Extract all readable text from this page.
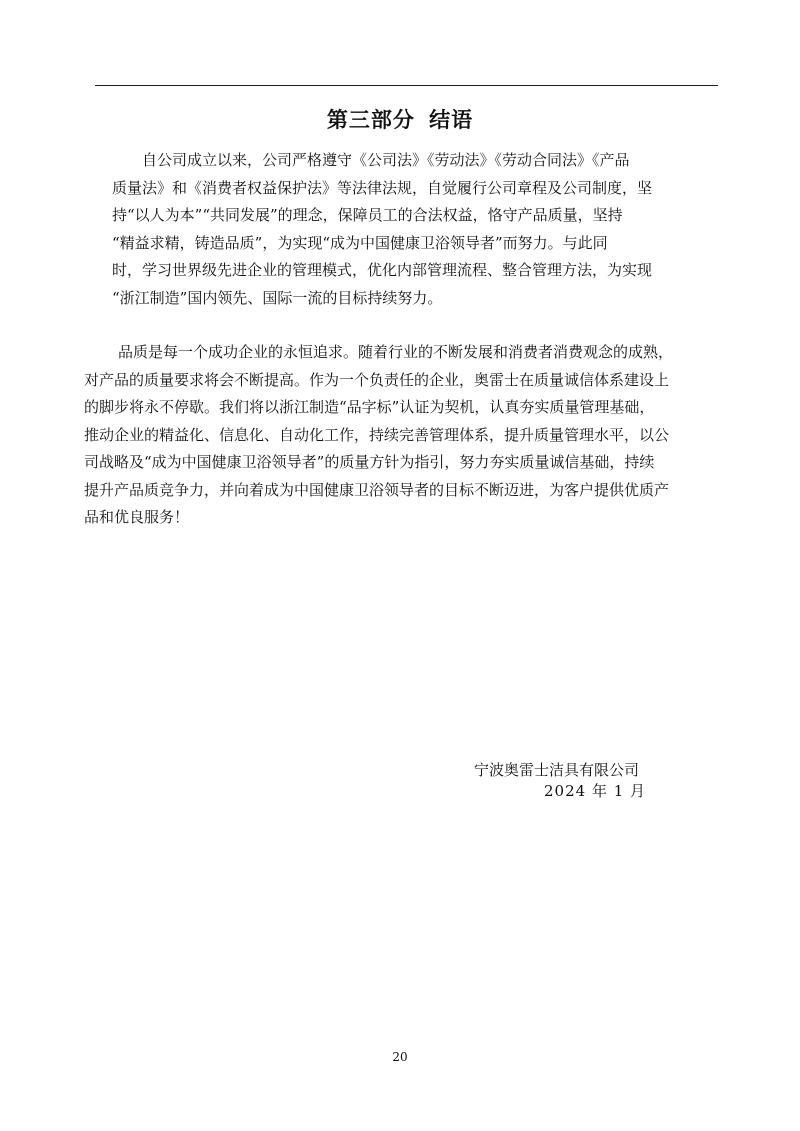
第三部分 结语

自公司成立以来，公司严格遵守《公司法》《劳动法》《劳动合同法》《产品
质量法》和《消费者权益保护法》等法律法规，自觉履行公司章程及公司制度，坚
持“以人为本”“共同发展”的理念，保障员工的合法权益，恪守产品质量，坚持
“精益求精，铸造品质”，为实现“成为中国健康卫浴领导者”而努力。与此同
时，学习世界级先进企业的管理模式，优化内部管理流程、整合管理方法，为实现
“浙江制造”国内领先、国际一流的目标持续努力。

品质是每一个成功企业的永恒追求。随着行业的不断发展和消费者消费观念的成熟，
对产品的质量要求将会不断提高。作为一个负责任的企业，奥雷士在质量诚信体系建设上
的脚步将永不停歇。我们将以浙江制造“品字标”认证为契机，认真夯实质量管理基础，
推动企业的精益化、信息化、自动化工作，持续完善管理体系，提升质量管理水平，以公
司战略及“成为中国健康卫浴领导者”的质量方针为指引，努力夯实质量诚信基础，持续
提升产品质竞争力，并向着成为中国健康卫浴领导者的目标不断迈进，为客户提供优质产
品和优良服务！

宁波奥雷士洁具有限公司
2024 年 1 月
20
